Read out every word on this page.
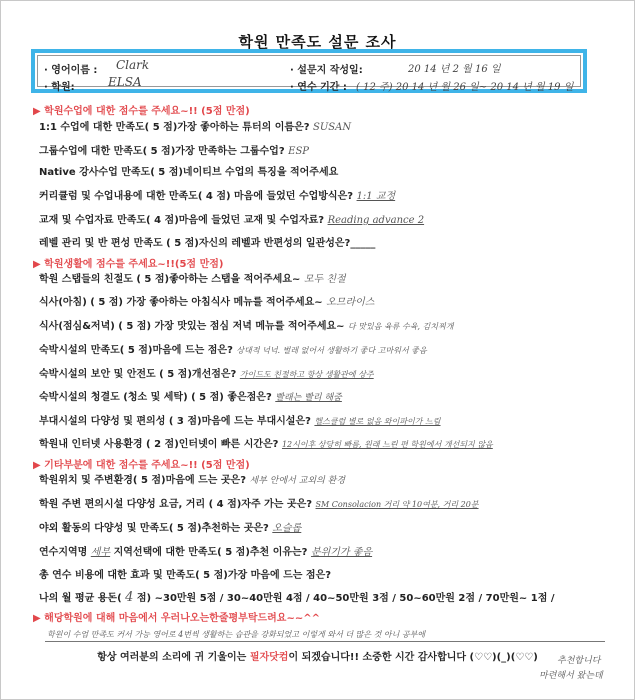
학원 만족도 설문 조사
· 영어이름 : Clark	· 설문지 작성일:	20 14 년 2 월 16 일
· 학원:	ELSA	· 연수 기간 : ( 12 주) 20 14 년 월 26 일~ 20 14 년 월 19 일
▶ 학원수업에 대한 점수를 주세요~!! (5점 만점)
1:1 수업에 대한 만족도( 5 점)가장 좋아하는 튜터의 이름은? SUSAN
그룹수업에 대한 만족도( 5 점)가장 만족하는 그룹수업? ESP
Native 강사수업 만족도( 5 점)네이티브 수업의 특징을 적어주세요
커리큘럼 및 수업내용에 대한 만족도( 4 점) 마음에 들었던 수업방식은? 1:1 교정
교재 및 수업자료 만족도( 4 점)마음에 들었던 교재 및 수업자료? Reading advance 2
레벨 관리 및 반 편성 만족도 ( 5 점)자신의 레벨과 반편성의 일관성은?_____
▶ 학원생활에 점수를 주세요~!!(5점 만점)
학원 스탭들의 친절도 ( 5 점)좋아하는 스탭을 적어주세요~ 모두 친절
식사(아침) ( 5 점) 가장 좋아하는 아침식사 메뉴를 적어주세요~ 오므라이스
식사(점심&저녁) ( 5 점) 가장 맛있는 점심 저녁 메뉴를 적어주세요~ 다 맛있음 육류 수육, 김치찌개
숙박시설의 만족도( 5 점)마음에 드는 점은? 상대적 넉넉. 벌레 없어서 생활하기 좋다 고마워서 좋음
숙박시설의 보안 및 안전도 ( 5 점)개선점은? 가이드도 친절하고 항상 생활관에 상주
숙박시설의 청결도 (청소 및 세탁) ( 5 점) 좋은점은? 빨래는 빨리 해줌
부대시설의 다양성 및 편의성 ( 3 점)마음에 드는 부대시설은? 헬스클럽 별로 없음 와이파이가 느림
학원내 인터넷 사용환경 ( 2 점)인터넷이 빠른 시간은? 12시이후 상당히 빠름, 원래 느린 편 학원에서 개선되지 않음
▶ 기타부분에 대한 점수를 주세요~!! (5점 만점)
학원위치 및 주변환경( 5 점)마음에 드는 곳은? 세부 안에서 교외의 환경
학원 주변 편의시설 다양성 요금, 거리 ( 4 점)자주 가는 곳은? SM Consolacion 거리 약 10여분, 거리 20분
야외 활동의 다양성 및 만족도( 5 점)추천하는 곳은? 오슬롭
연수지역명 세부 지역선택에 대한 만족도( 5 점)추천 이유는? 분위기가 좋음
총 연수 비용에 대한 효과 및 만족도( 5 점)가장 마음에 드는 점은?
나의 월 평균 용돈( 4 점) ~30만원 5점 / 30~40만원 4점 / 40~50만원 3점 / 50~60만원 2점 / 70만원~ 1점 /
▶ 해당학원에 대해 마음에서 우러나오는한줄평부탁드려요~~^^
학원이 수업 만족도 커서 가능 영어로 4번씩 생활하는 습관을 강화되었고 이렇게 와서 더 많은 것 아니 공부에
추천합니다
마련해서 왔는데
항상 여러분의 소리에 귀 기울이는 필자닷컴이 되겠습니다!! 소중한 시간 감사합니다 (♡♡)(_)(♡♡)
